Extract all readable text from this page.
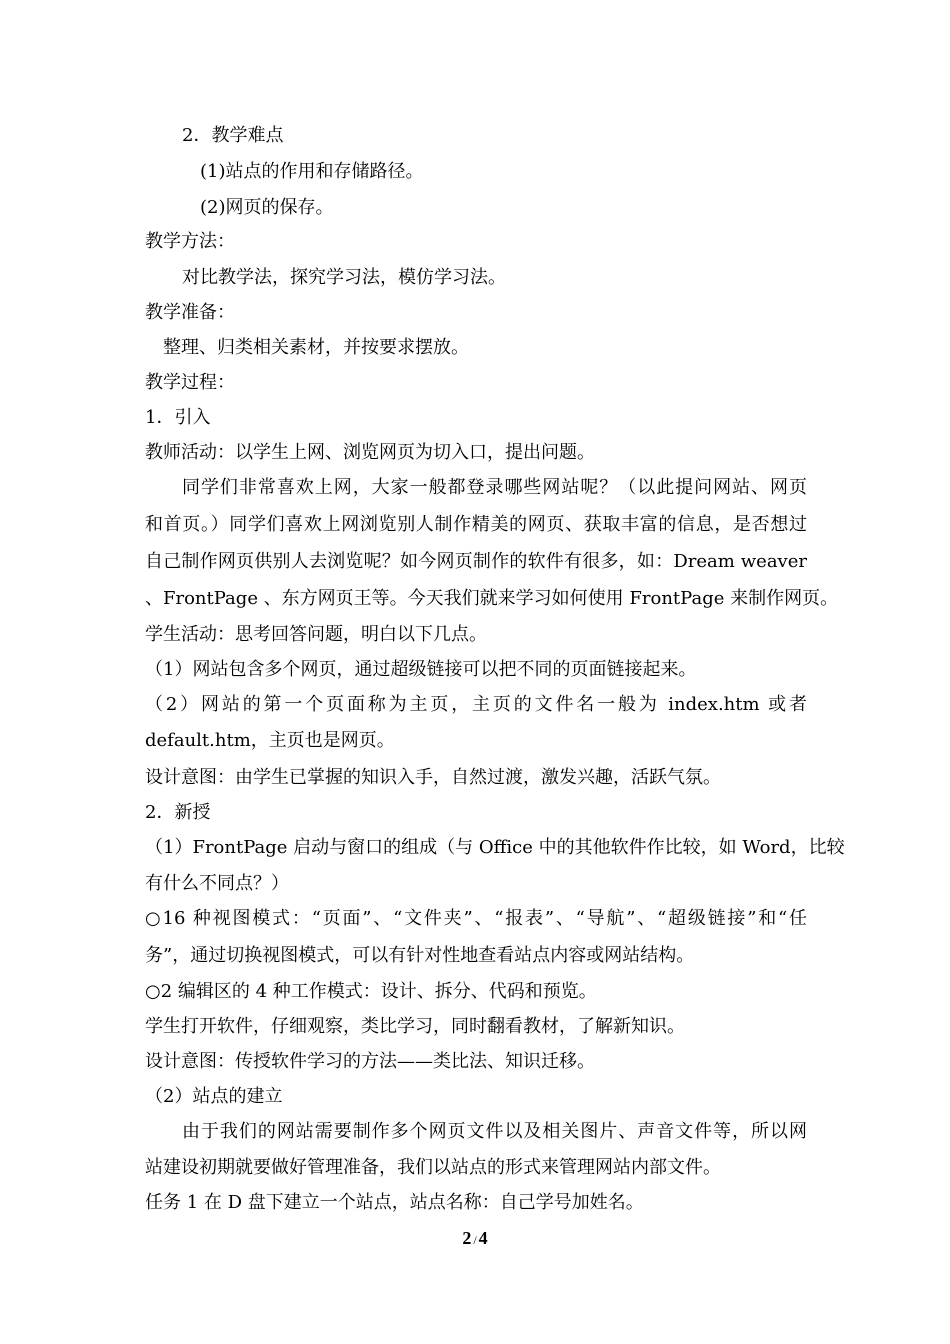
2．教学难点
(1)站点的作用和存储路径。
(2)网页的保存。
教学方法：
对比教学法，探究学习法，模仿学习法。
教学准备：
整理、归类相关素材，并按要求摆放。
教学过程：
1．引入
教师活动：以学生上网、浏览网页为切入口，提出问题。
同学们非常喜欢上网，大家一般都登录哪些网站呢？（以此提问网站、网页
和首页。）同学们喜欢上网浏览别人制作精美的网页、获取丰富的信息，是否想过
自己制作网页供别人去浏览呢？如今网页制作的软件有很多，如：Dream weaver
、FrontPage 、东方网页王等。今天我们就来学习如何使用 FrontPage 来制作网页。
学生活动：思考回答问题，明白以下几点。
（1）网站包含多个网页，通过超级链接可以把不同的页面链接起来。
（2）网站的第一个页面称为主页，主页的文件名一般为 index.htm 或者
default.htm，主页也是网页。
设计意图：由学生已掌握的知识入手，自然过渡，激发兴趣，活跃气氛。
2．新授
（1）FrontPage 启动与窗口的组成（与 Office 中的其他软件作比较，如 Word，比较
有什么不同点？）
○16 种视图模式：“页面”、“文件夹”、“报表”、“导航”、“超级链接”和“任
务”，通过切换视图模式，可以有针对性地查看站点内容或网站结构。
○2 编辑区的 4 种工作模式：设计、拆分、代码和预览。
学生打开软件，仔细观察，类比学习，同时翻看教材，了解新知识。
设计意图：传授软件学习的方法——类比法、知识迁移。
（2）站点的建立
由于我们的网站需要制作多个网页文件以及相关图片、声音文件等，所以网
站建设初期就要做好管理准备，我们以站点的形式来管理网站内部文件。
任务 1 在 D 盘下建立一个站点，站点名称：自己学号加姓名。
2 / 4
